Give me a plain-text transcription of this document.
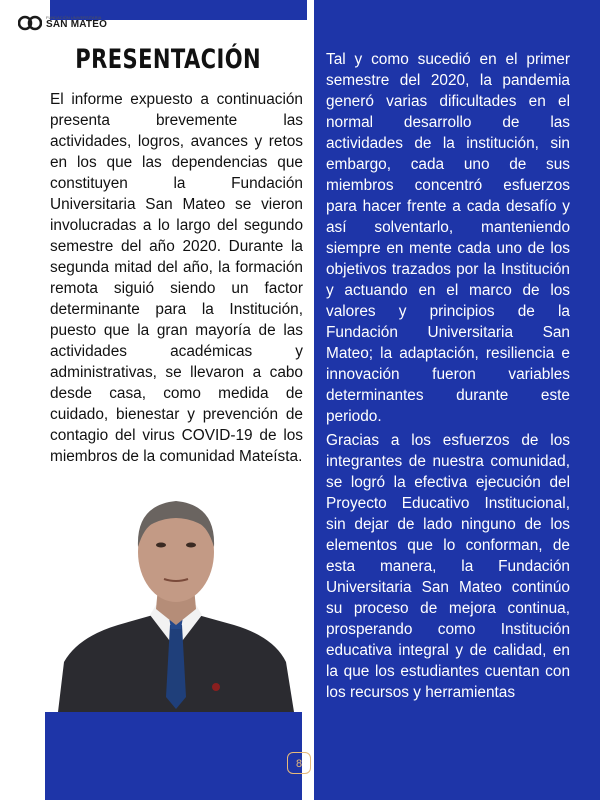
FUNDACIÓN UNIVERSITARIA
SAN MATEO
PRESENTACIÓN

El informe expuesto a continuación presenta brevemente las actividades, logros, avances y retos en los que las dependencias que constituyen la Fundación Universitaria San Mateo se vieron involucradas a lo largo del segundo semestre del año 2020. Durante la segunda mitad del año, la formación remota siguió siendo un factor determinante para la Institución, puesto que la gran mayoría de las actividades académicas y administrativas, se llevaron a cabo desde casa, como medida de cuidado, bienestar y prevención de contagio del virus COVID-19 de los miembros de la comunidad Mateísta.

Tal y como sucedió en el primer semestre del 2020, la pandemia generó varias dificultades en el normal desarrollo de las actividades de la institución, sin embargo, cada uno de sus miembros concentró esfuerzos para hacer frente a cada desafío y así solventarlo, manteniendo siempre en mente cada uno de los objetivos trazados por la Institución y actuando en el marco de los valores y principios de la Fundación Universitaria San Mateo; la adaptación, resiliencia e innovación fueron variables determinantes durante este periodo.

Gracias a los esfuerzos de los integrantes de nuestra comunidad, se logró la efectiva ejecución del Proyecto Educativo Institucional, sin dejar de lado ninguno de los elementos que lo conforman, de esta manera, la Fundación Universitaria San Mateo continúo su proceso de mejora continua, prosperando como Institución educativa integral y de calidad, en la que los estudiantes cuentan con los recursos y herramientas

8
